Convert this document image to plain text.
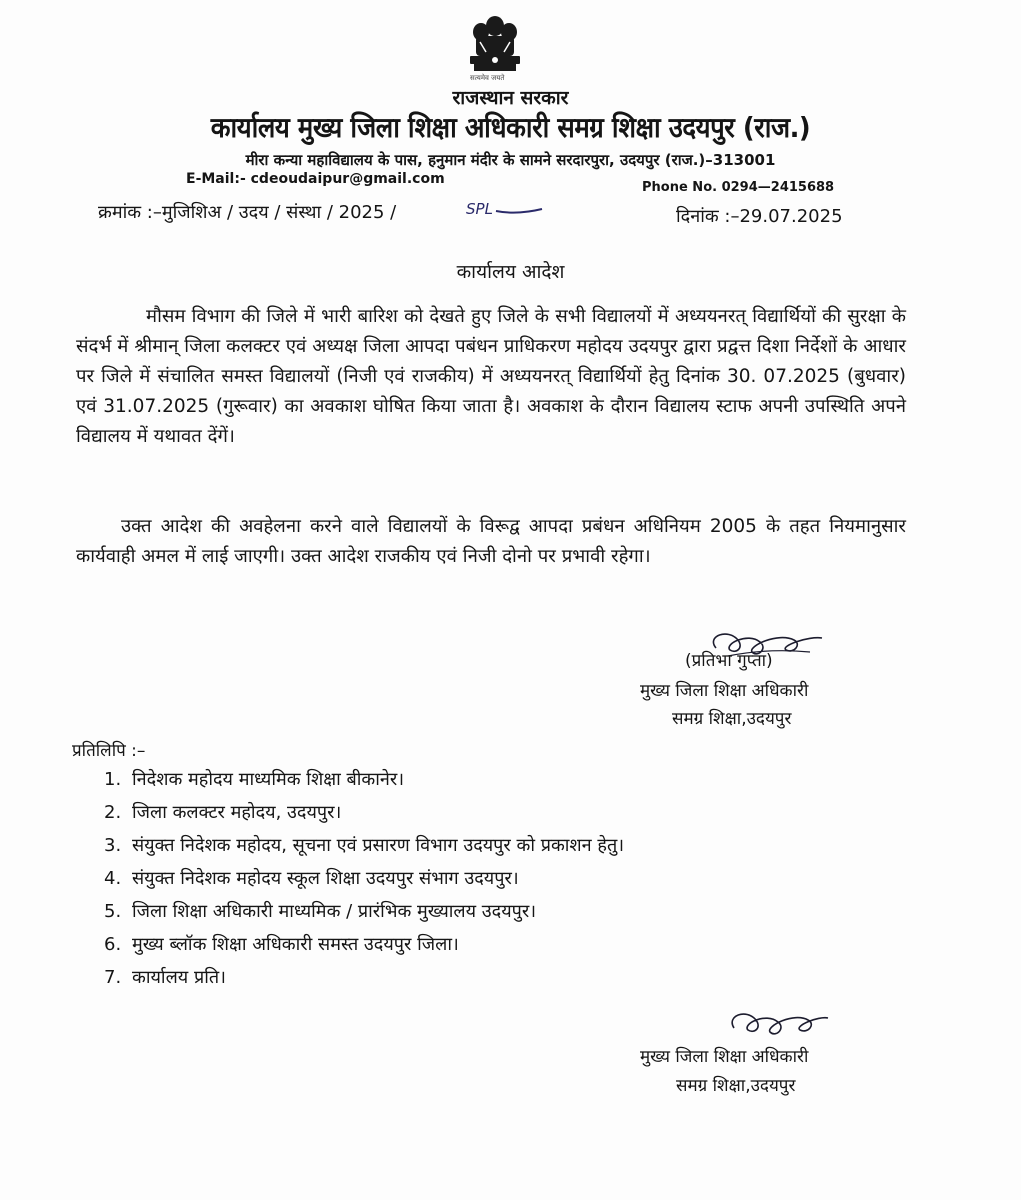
सत्यमेव जयते
राजस्थान सरकार
कार्यालय मुख्य जिला शिक्षा अधिकारी समग्र शिक्षा उदयपुर (राज.)
मीरा कन्या महाविद्यालय के पास, हनुमान मंदीर के सामने सरदारपुरा, उदयपुर (राज.)–313001
E-Mail:- cdeoudaipur@gmail.com
Phone No. 0294—2415688
क्रमांक :–मुजिशिअ / उदय / संस्था / 2025 /	SPL	दिनांक :–29.07.2025
कार्यालय आदेश
मौसम विभाग की जिले में भारी बारिश को देखते हुए जिले के सभी विद्यालयों में अध्ययनरत् विद्यार्थियों की सुरक्षा के संदर्भ में श्रीमान् जिला कलक्टर एवं अध्यक्ष जिला आपदा पबंधन प्राधिकरण महोदय उदयपुर द्वारा प्रद्वत्त दिशा निर्देशों के आधार पर जिले में संचालित समस्त विद्यालयों (निजी एवं राजकीय) में अध्ययनरत् विद्यार्थियों हेतु दिनांक 30. 07.2025 (बुधवार) एवं 31.07.2025 (गुरूवार) का अवकाश घोषित किया जाता है। अवकाश के दौरान विद्यालय स्टाफ अपनी उपस्थिति अपने विद्यालय में यथावत देंगें।
उक्त आदेश की अवहेलना करने वाले विद्यालयों के विरूद्व आपदा प्रबंधन अधिनियम 2005 के तहत नियमानुसार कार्यवाही अमल में लाई जाएगी। उक्त आदेश राजकीय एवं निजी दोनो पर प्रभावी रहेगा।
(प्रतिभा गुप्ता)
मुख्य जिला शिक्षा अधिकारी
समग्र शिक्षा,उदयपुर
प्रतिलिपि :–
1. निदेशक महोदय माध्यमिक शिक्षा बीकानेर।
2. जिला कलक्टर महोदय, उदयपुर।
3. संयुक्त निदेशक महोदय, सूचना एवं प्रसारण विभाग उदयपुर को प्रकाशन हेतु।
4. संयुक्त निदेशक महोदय स्कूल शिक्षा उदयपुर संभाग उदयपुर।
5. जिला शिक्षा अधिकारी माध्यमिक / प्रारंभिक मुख्यालय उदयपुर।
6. मुख्य ब्लॉक शिक्षा अधिकारी समस्त उदयपुर जिला।
7. कार्यालय प्रति।
मुख्य जिला शिक्षा अधिकारी
समग्र शिक्षा,उदयपुर
